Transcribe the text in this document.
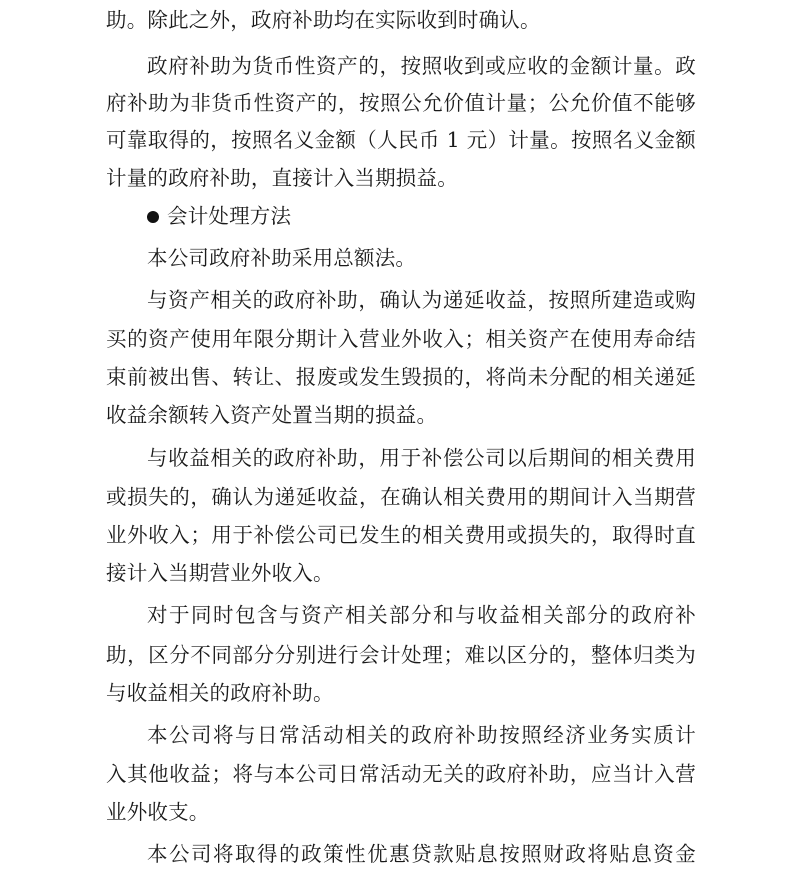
助。除此之外，政府补助均在实际收到时确认。
政府补助为货币性资产的，按照收到或应收的金额计量。政
府补助为非货币性资产的，按照公允价值计量；公允价值不能够
可靠取得的，按照名义金额（人民币 1 元）计量。按照名义金额
计量的政府补助，直接计入当期损益。
会计处理方法
本公司政府补助采用总额法。
与资产相关的政府补助，确认为递延收益，按照所建造或购
买的资产使用年限分期计入营业外收入；相关资产在使用寿命结
束前被出售、转让、报废或发生毁损的，将尚未分配的相关递延
收益余额转入资产处置当期的损益。
与收益相关的政府补助，用于补偿公司以后期间的相关费用
或损失的，确认为递延收益，在确认相关费用的期间计入当期营
业外收入；用于补偿公司已发生的相关费用或损失的，取得时直
接计入当期营业外收入。
对于同时包含与资产相关部分和与收益相关部分的政府补
助，区分不同部分分别进行会计处理；难以区分的，整体归类为
与收益相关的政府补助。
本公司将与日常活动相关的政府补助按照经济业务实质计
入其他收益；将与本公司日常活动无关的政府补助，应当计入营
业外收支。
本公司将取得的政策性优惠贷款贴息按照财政将贴息资金
